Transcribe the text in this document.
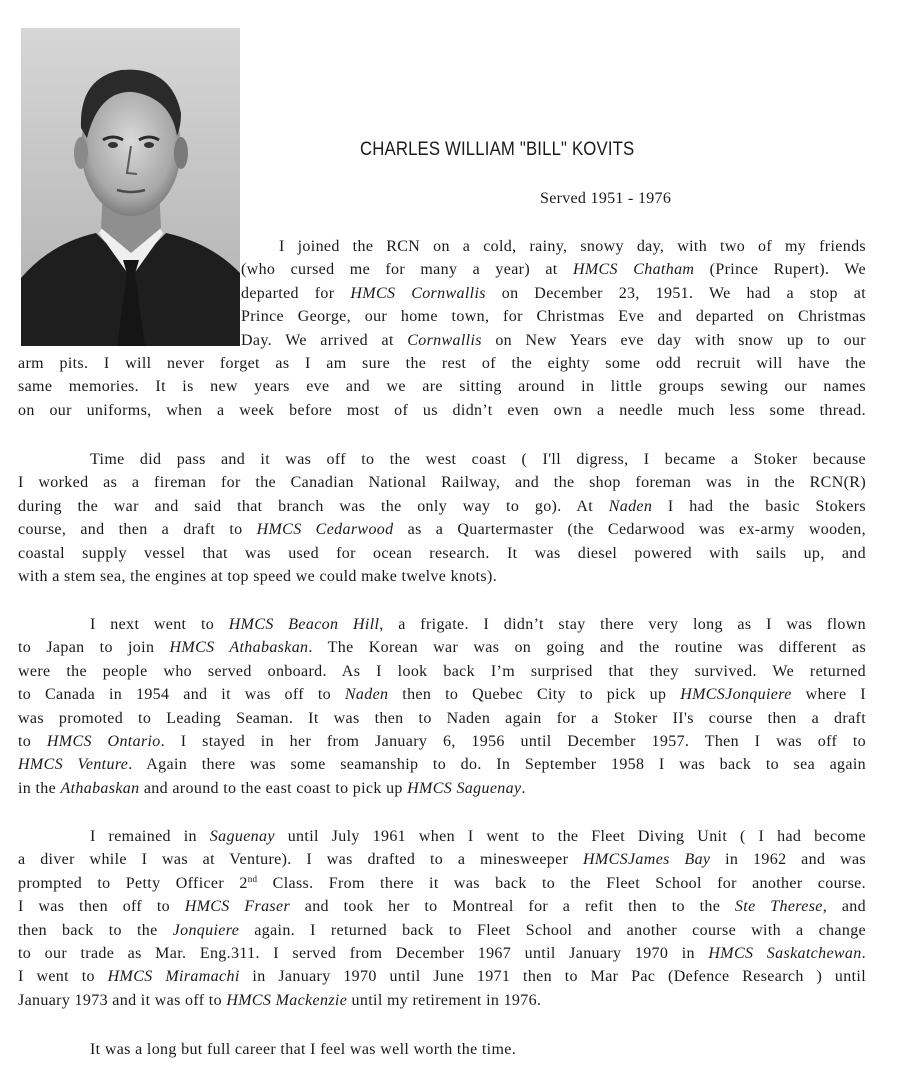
CHARLES WILLIAM "BILL" KOVITS
Served 1951 - 1976
I joined the RCN on a cold, rainy, snowy day, with two of my friends
(who cursed me for many a year) at HMCS Chatham (Prince Rupert). We
departed for HMCS Cornwallis on December 23, 1951. We had a stop at
Prince George, our home town, for Christmas Eve and departed on Christmas
Day. We arrived at Cornwallis on New Years eve day with snow up to our
arm pits. I will never forget as I am sure the rest of the eighty some odd recruit will have the
same memories. It is new years eve and we are sitting around in little groups sewing our names
on our uniforms, when a week before most of us didn’t even own a needle much less some thread.
Time did pass and it was off to the west coast ( I'll digress, I became a Stoker because
I worked as a fireman for the Canadian National Railway, and the shop foreman was in the RCN(R)
during the war and said that branch was the only way to go). At Naden I had the basic Stokers
course, and then a draft to HMCS Cedarwood as a Quartermaster (the Cedarwood was ex-army wooden,
coastal supply vessel that was used for ocean research. It was diesel powered with sails up, and
with a stem sea, the engines at top speed we could make twelve knots).
I next went to HMCS Beacon Hill, a frigate. I didn’t stay there very long as I was flown
to Japan to join HMCS Athabaskan. The Korean war was on going and the routine was different as
were the people who served onboard. As I look back I’m surprised that they survived. We returned
to Canada in 1954 and it was off to Naden then to Quebec City to pick up HMCSJonquiere where I
was promoted to Leading Seaman. It was then to Naden again for a Stoker II's course then a draft
to HMCS Ontario. I stayed in her from January 6, 1956 until December 1957. Then I was off to
HMCS Venture. Again there was some seamanship to do. In September 1958 I was back to sea again
in the Athabaskan and around to the east coast to pick up HMCS Saguenay.
I remained in Saguenay until July 1961 when I went to the Fleet Diving Unit ( I had become
a diver while I was at Venture). I was drafted to a minesweeper HMCSJames Bay in 1962 and was
prompted to Petty Officer 2nd Class. From there it was back to the Fleet School for another course.
I was then off to HMCS Fraser and took her to Montreal for a refit then to the Ste Therese, and
then back to the Jonquiere again. I returned back to Fleet School and another course with a change
to our trade as Mar. Eng.311. I served from December 1967 until January 1970 in HMCS Saskatchewan.
I went to HMCS Miramachi in January 1970 until June 1971 then to Mar Pac (Defence Research ) until
January 1973 and it was off to HMCS Mackenzie until my retirement in 1976.
It was a long but full career that I feel was well worth the time.
